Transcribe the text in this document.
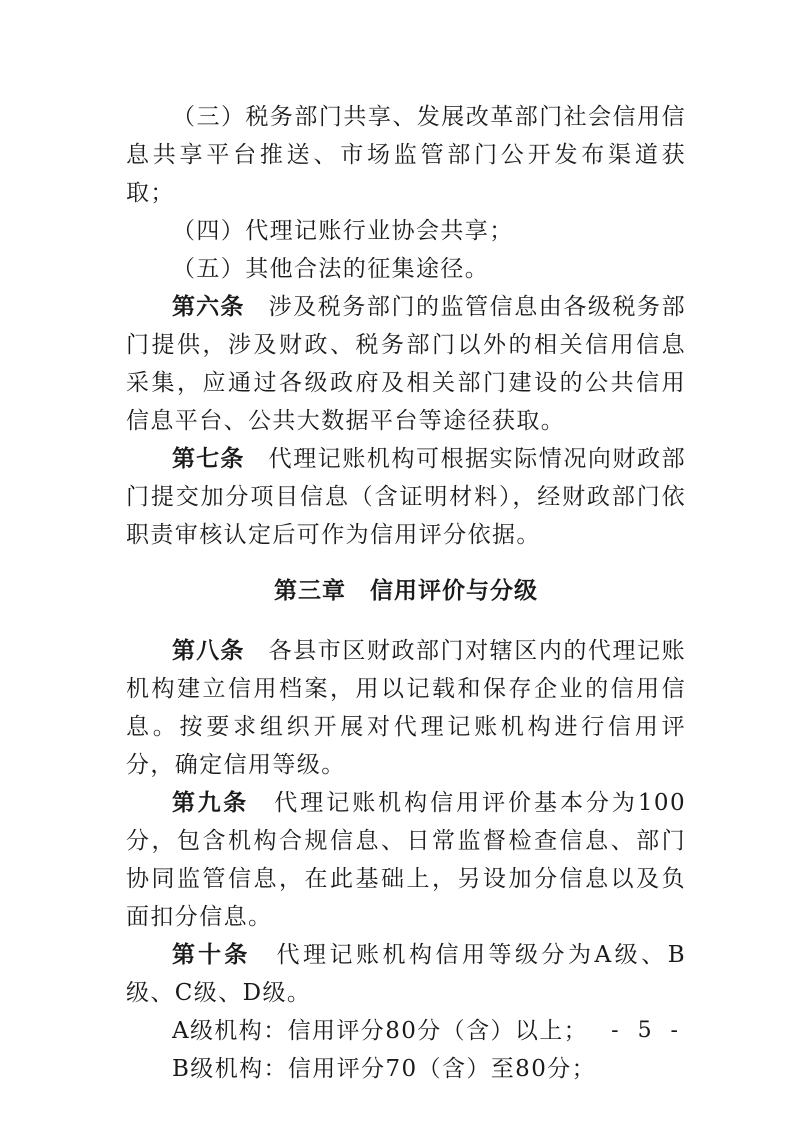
（三）税务部门共享、发展改革部门社会信用信息共享平台推送、市场监管部门公开发布渠道获取；

（四）代理记账行业协会共享；

（五）其他合法的征集途径。

第六条 涉及税务部门的监管信息由各级税务部门提供，涉及财政、税务部门以外的相关信用信息采集，应通过各级政府及相关部门建设的公共信用信息平台、公共大数据平台等途径获取。

第七条 代理记账机构可根据实际情况向财政部门提交加分项目信息（含证明材料），经财政部门依职责审核认定后可作为信用评分依据。

第三章 信用评价与分级

第八条 各县市区财政部门对辖区内的代理记账机构建立信用档案，用以记载和保存企业的信用信息。按要求组织开展对代理记账机构进行信用评分，确定信用等级。

第九条 代理记账机构信用评价基本分为100分，包含机构合规信息、日常监督检查信息、部门协同监管信息，在此基础上，另设加分信息以及负面扣分信息。

第十条 代理记账机构信用等级分为A级、B级、C级、D级。

A级机构：信用评分80分（含）以上；

B级机构：信用评分70（含）至80分；

- 5 -
